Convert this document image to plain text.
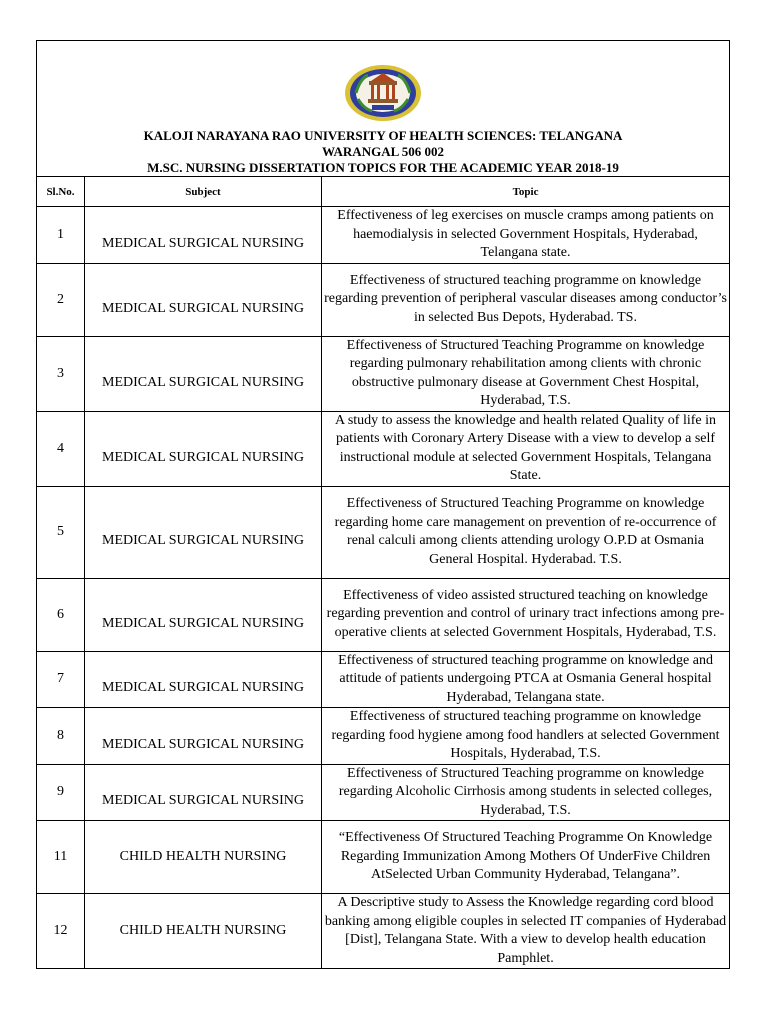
KALOJI NARAYANA RAO UNIVERSITY OF HEALTH SCIENCES: TELANGANA
WARANGAL 506 002
M.SC. NURSING DISSERTATION TOPICS FOR THE ACADEMIC YEAR 2018-19		

Sl.No.	Subject	Topic
1	MEDICAL SURGICAL NURSING	Effectiveness of leg exercises on muscle cramps among patients on haemodialysis in selected Government Hospitals, Hyderabad, Telangana state.
2	MEDICAL SURGICAL NURSING	Effectiveness of structured teaching programme on knowledge regarding prevention of peripheral vascular diseases among conductor’s in selected Bus Depots, Hyderabad. TS.
3	MEDICAL SURGICAL NURSING	Effectiveness of Structured Teaching Programme on knowledge regarding pulmonary rehabilitation among clients with chronic obstructive pulmonary disease at Government Chest Hospital, Hyderabad, T.S.
4	MEDICAL SURGICAL NURSING	A study to assess the knowledge and health related Quality of life in patients with Coronary Artery Disease with a view to develop a self instructional module at selected Government Hospitals, Telangana State.
5	MEDICAL SURGICAL NURSING	Effectiveness of Structured Teaching Programme on knowledge regarding home care management on prevention of re-occurrence of renal calculi among clients attending urology O.P.D at Osmania General Hospital. Hyderabad. T.S.
6	MEDICAL SURGICAL NURSING	Effectiveness of video assisted structured teaching on knowledge regarding prevention and control of urinary tract infections among pre-operative clients at selected Government Hospitals, Hyderabad, T.S.
7	MEDICAL SURGICAL NURSING	Effectiveness of structured teaching programme on knowledge and attitude of patients undergoing PTCA at Osmania General hospital Hyderabad, Telangana state.
8	MEDICAL SURGICAL NURSING	Effectiveness of structured teaching programme on knowledge regarding food hygiene among food handlers at selected Government Hospitals, Hyderabad, T.S.
9	MEDICAL SURGICAL NURSING	Effectiveness of Structured Teaching programme on knowledge regarding Alcoholic Cirrhosis among students in selected colleges, Hyderabad, T.S.
11	CHILD HEALTH NURSING	“Effectiveness Of Structured Teaching Programme On Knowledge Regarding Immunization Among Mothers Of UnderFive Children AtSelected Urban Community Hyderabad, Telangana”.
12	CHILD HEALTH NURSING	A Descriptive study to Assess the Knowledge regarding cord blood banking among eligible couples in selected IT companies of Hyderabad [Dist], Telangana State. With a view to develop health education Pamphlet.
